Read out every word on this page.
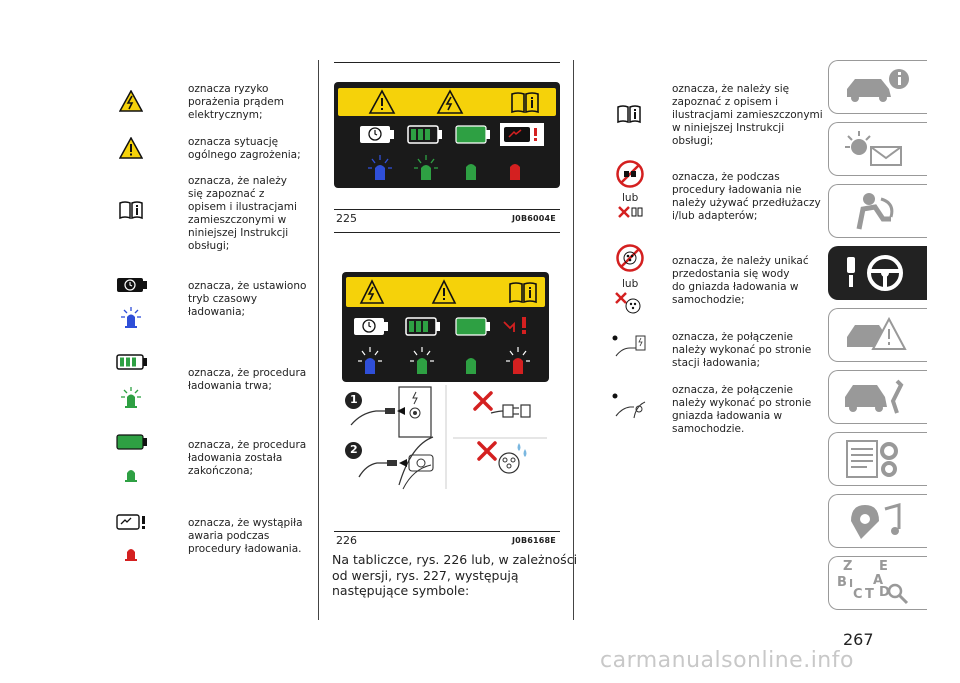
oznacza ryzyko
porażenia prądem
elektrycznym;
oznacza sytuację
ogólnego zagrożenia;
oznacza, że należy
się zapoznać z
opisem i ilustracjami
zamieszczonymi w
niniejszej Instrukcji
obsługi;
oznacza, że ustawiono
tryb czasowy
ładowania;
oznacza, że procedura
ładowania trwa;
oznacza, że procedura
ładowania została
zakończona;
oznacza, że wystąpiła
awaria podczas
procedury ładowania.
225	J0B6004E
1
2
226	J0B6168E
Na tabliczce, rys. 226 lub, w zależności
od wersji, rys. 227, występują
następujące symbole:
oznacza, że należy się
zapoznać z opisem i
ilustracjami zamieszczonymi
w niniejszej Instrukcji
obsługi;
lub
oznacza, że podczas
procedury ładowania nie
należy używać przedłużaczy
i/lub adapterów;
lub
oznacza, że należy unikać
przedostania się wody
do gniazda ładowania w
samochodzie;
oznacza, że połączenie
należy wykonać po stronie
stacji ładowania;
oznacza, że połączenie
należy wykonać po stronie
gniazda ładowania w
samochodzie.
Z E
B A
C T
I
D
267
carmanualsonline.info
